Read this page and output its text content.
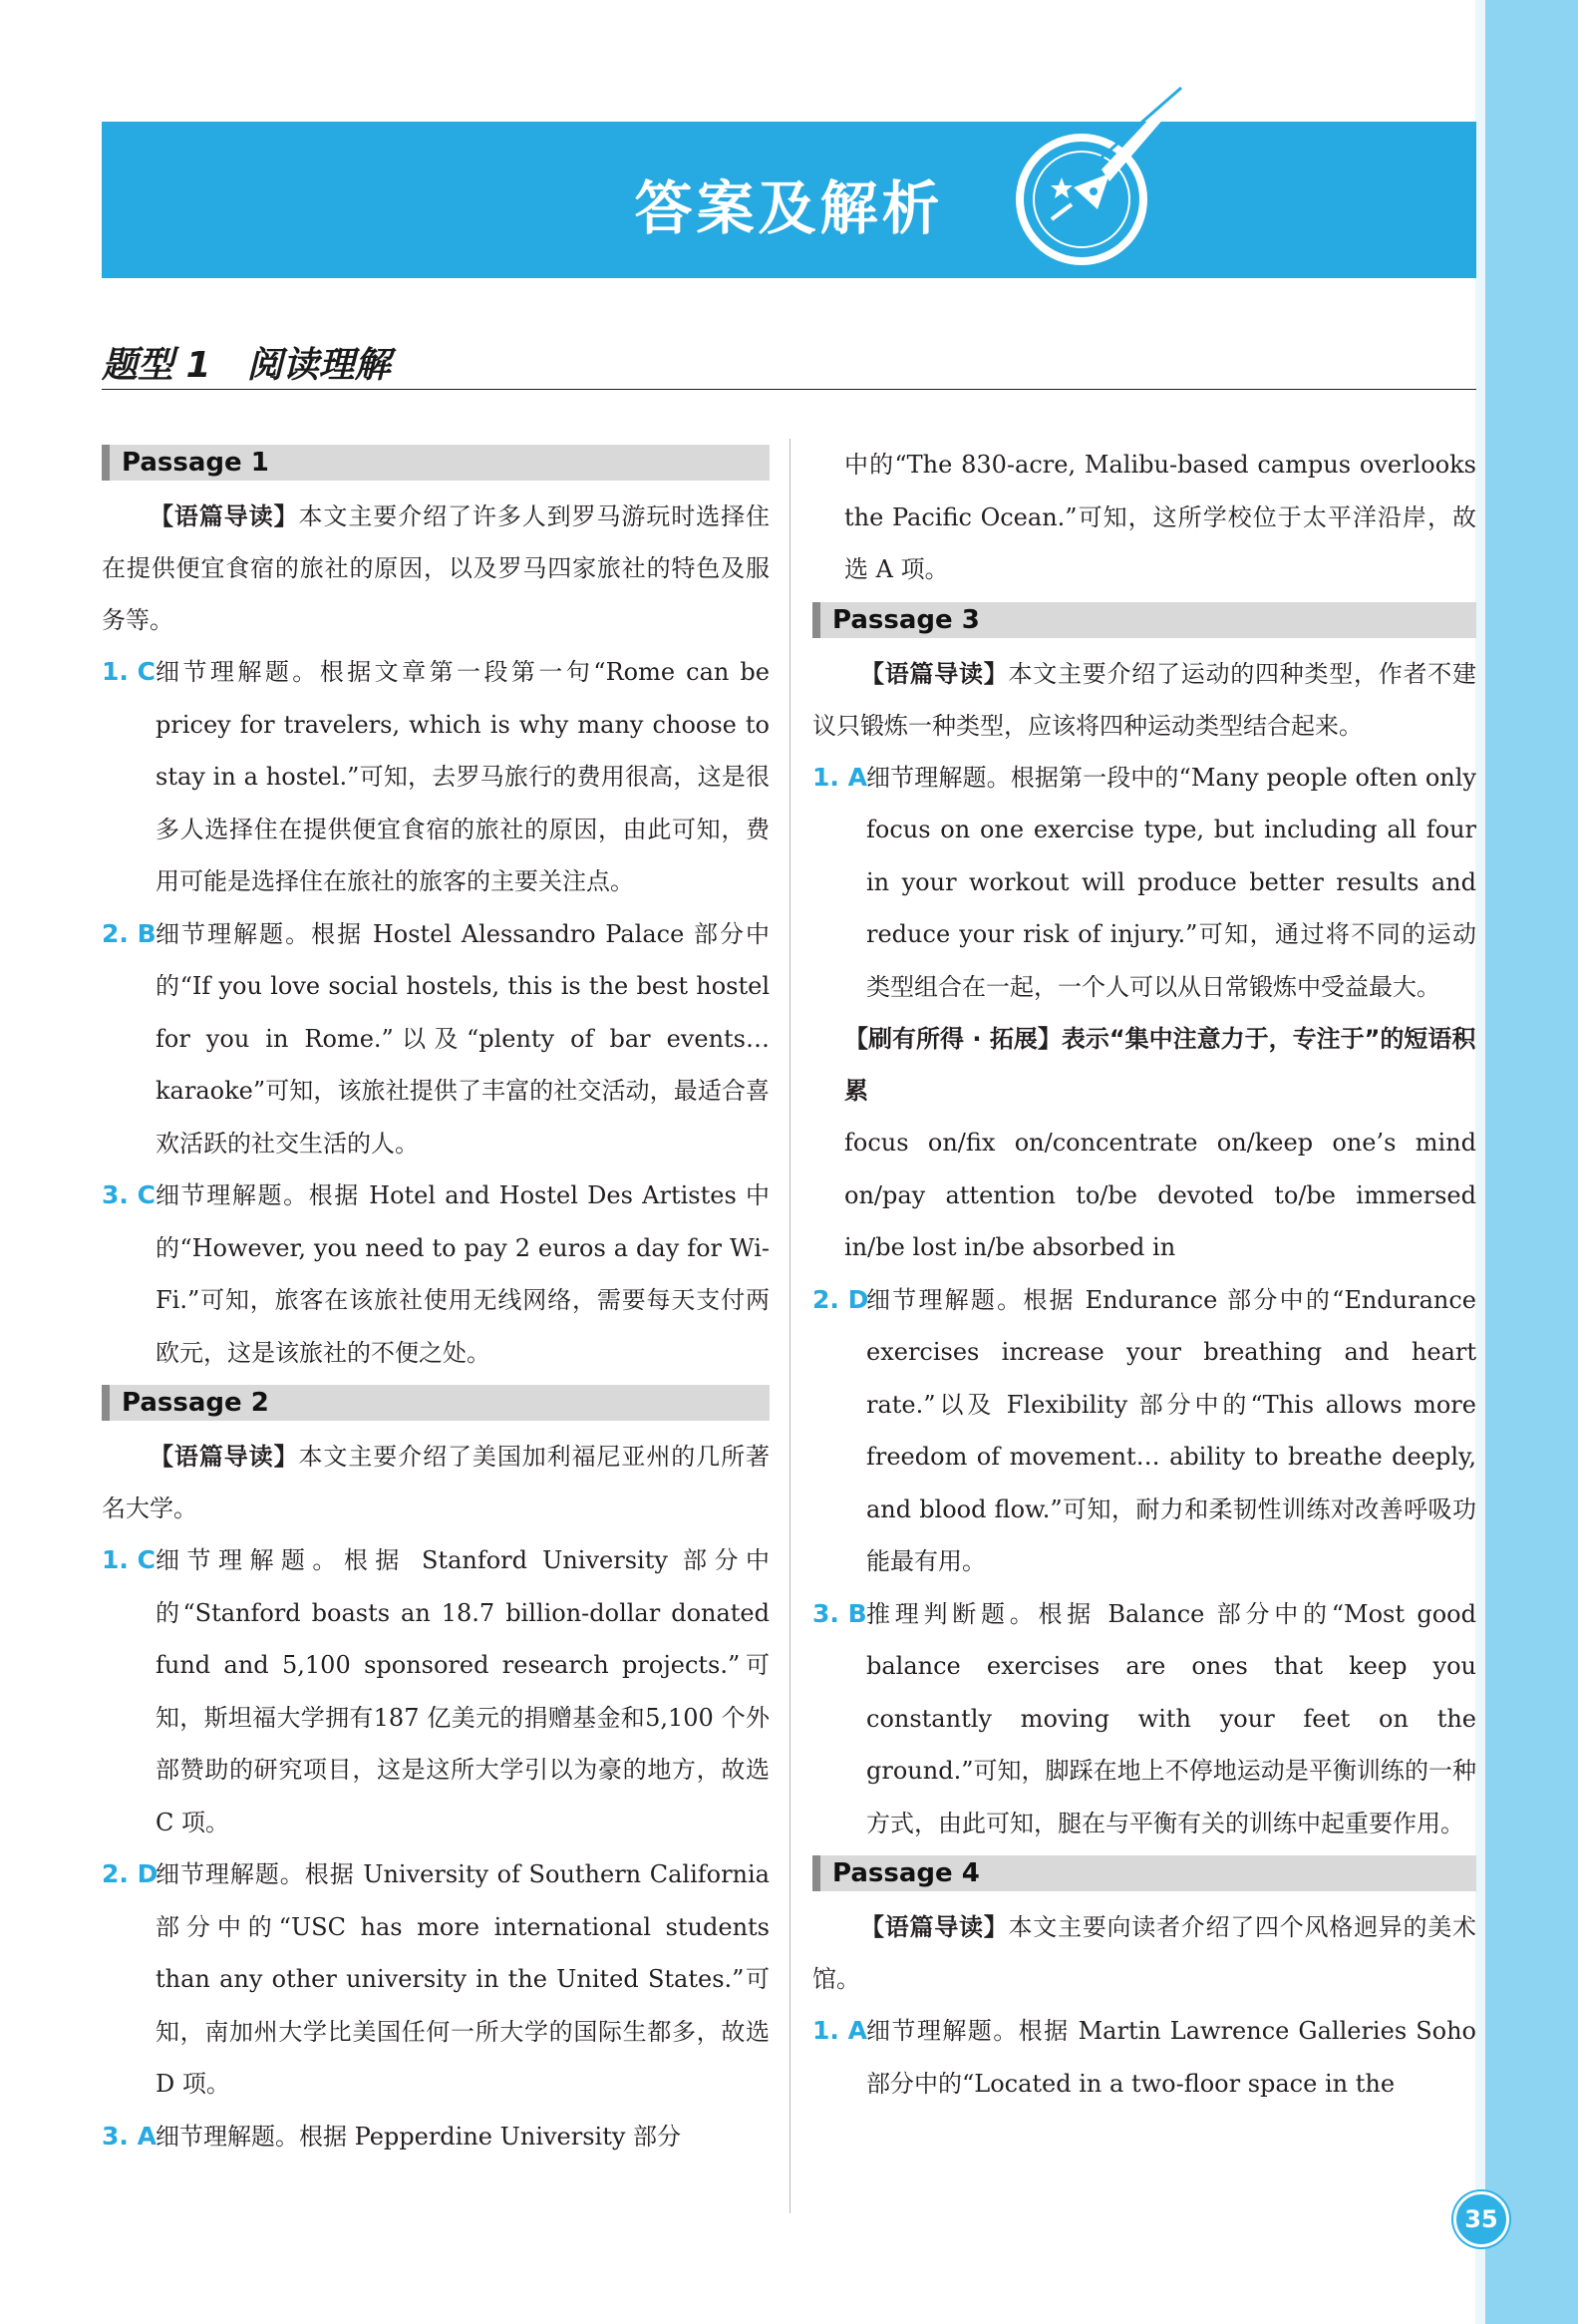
答案及解析
题型 1　阅读理解
Passage 1

【语篇导读】本文主要介绍了许多人到罗马游玩时选择住在提供便宜食宿的旅社的原因，以及罗马四家旅社的特色及服务等。

1. C 细节理解题。根据文章第一段第一句“Rome can be pricey for travelers, which is why many choose to stay in a hostel.”可知，去罗马旅行的费用很高，这是很多人选择住在提供便宜食宿的旅社的原因，由此可知，费用可能是选择住在旅社的旅客的主要关注点。
2. B 细节理解题。根据 Hostel Alessandro Palace 部分中的“If you love social hostels, this is the best hostel for you in Rome.”以及“plenty of bar events… karaoke”可知，该旅社提供了丰富的社交活动，最适合喜欢活跃的社交生活的人。
3. C 细节理解题。根据 Hotel and Hostel Des Artistes 中的“However, you need to pay 2 euros a day for Wi-Fi.”可知，旅客在该旅社使用无线网络，需要每天支付两欧元，这是该旅社的不便之处。
Passage 2

【语篇导读】本文主要介绍了美国加利福尼亚州的几所著名大学。

1. C 细节理解题。根据 Stanford University 部分中的“Stanford boasts an 18.7 billion-dollar donated fund and 5,100 sponsored research projects.”可知，斯坦福大学拥有187 亿美元的捐赠基金和5,100 个外部赞助的研究项目，这是这所大学引以为豪的地方，故选 C 项。
2. D
细节理解题。根据 University of Southern California 部分中的“USC has more international students than any other university in the United States.”可知，南加州大学比美国任何一所大学的国际生都多，故选 D 项。
3. A 细节理解题。根据 Pepperdine University 部分
中的“The 830-acre, Malibu-based campus overlooks the Pacific Ocean.”可知，这所学校位于太平洋沿岸，故选 A 项。
Passage 3

【语篇导读】本文主要介绍了运动的四种类型，作者不建议只锻炼一种类型，应该将四种运动类型结合起来。

1. A 细节理解题。根据第一段中的“Many people often only focus on one exercise type, but including all four in your workout will produce better results and reduce your risk of injury.”可知，通过将不同的运动类型组合在一起，一个人可以从日常锻炼中受益最大。
【刷有所得 · 拓展】表示“集中注意力于，专注于”的短语积累
focus on/fix on/concentrate on/keep one’s mind on/pay attention to/be devoted to/be immersed in/be lost in/be absorbed in
2. D
细节理解题。根据 Endurance 部分中的“Endurance exercises increase your breathing and heart rate.”以及 Flexibility 部分中的“This allows more freedom of movement… ability to breathe deeply, and blood flow.”可知，耐力和柔韧性训练对改善呼吸功能最有用。
3. B 推理判断题。根据 Balance 部分中的“Most good balance exercises are ones that keep you constantly moving with your feet on the ground.”可知，脚踩在地上不停地运动是平衡训练的一种方式，由此可知，腿在与平衡有关的训练中起重要作用。
Passage 4

【语篇导读】本文主要向读者介绍了四个风格迥异的美术馆。

1. A 细节理解题。根据 Martin Lawrence Galleries Soho 部分中的“Located in a two-floor space in the
35
